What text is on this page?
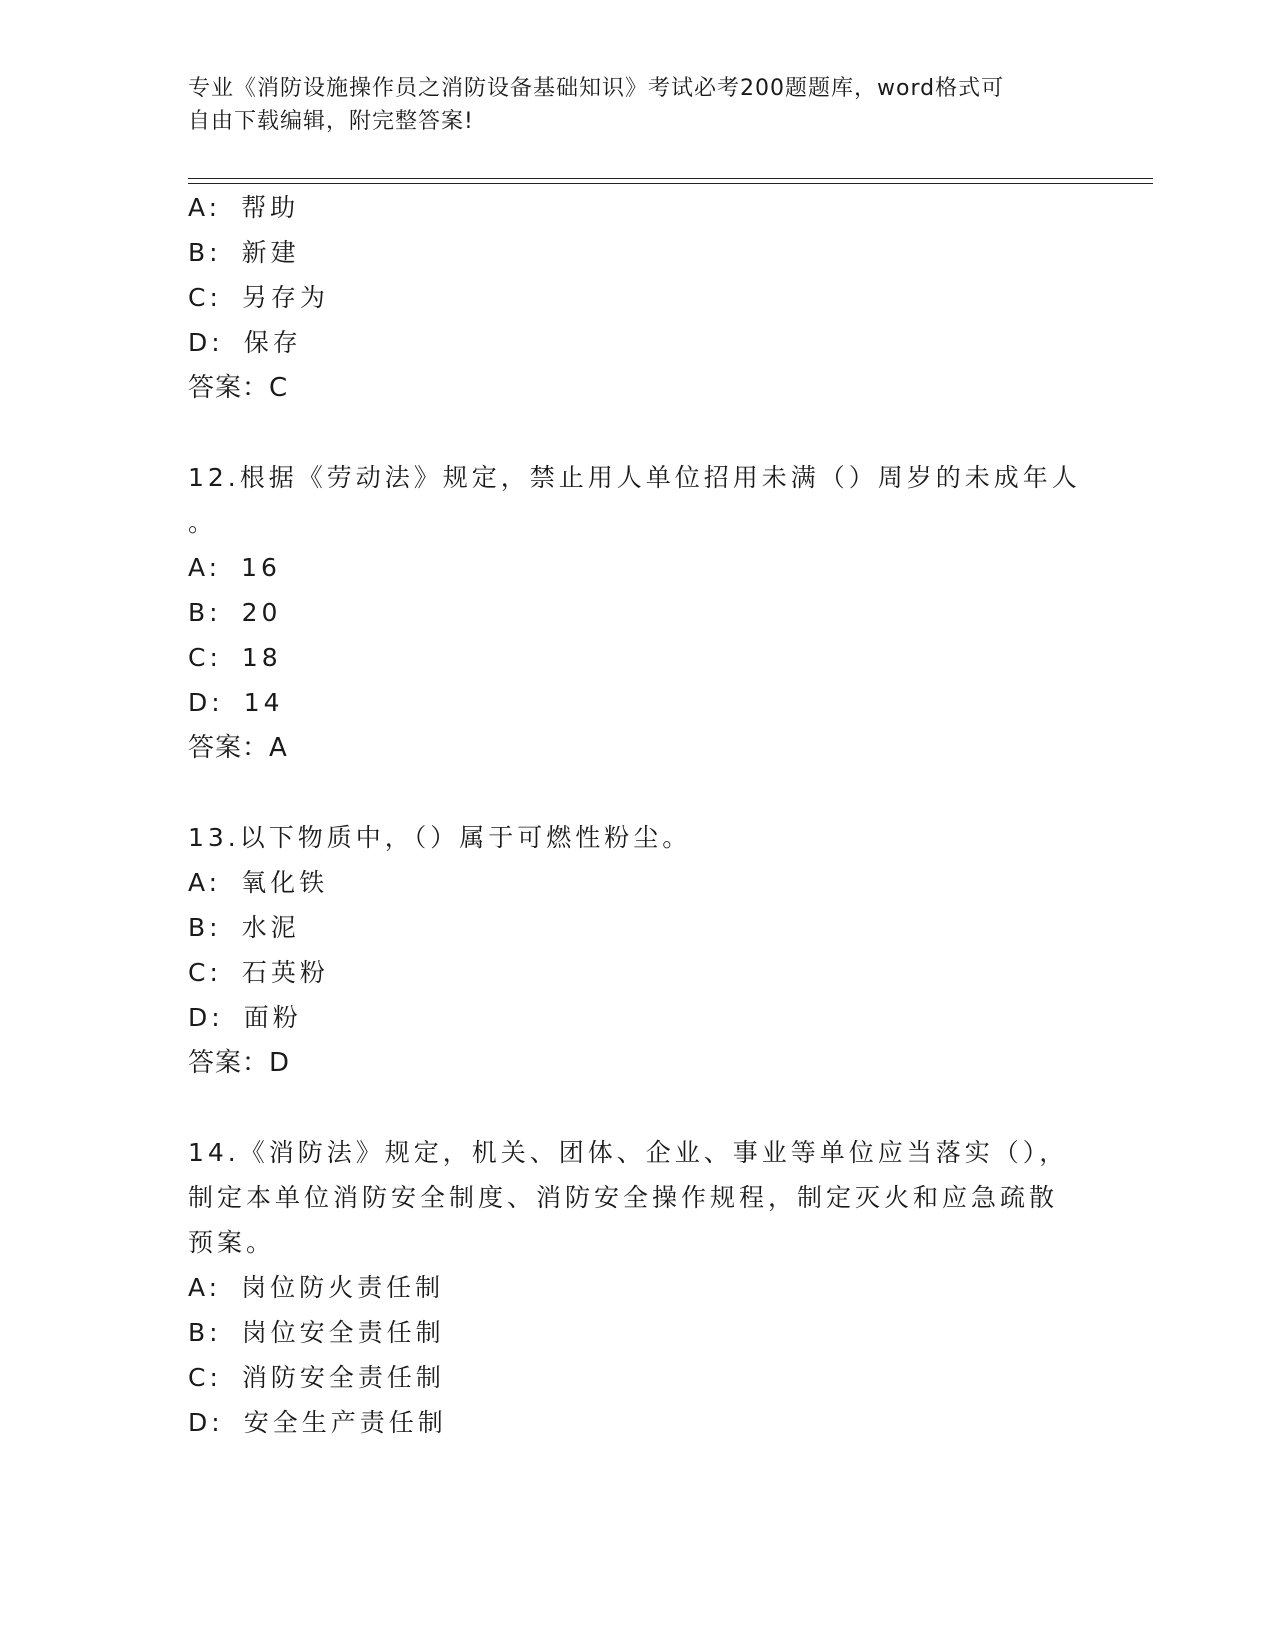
专业《消防设施操作员之消防设备基础知识》考试必考200题题库，word格式可
自由下载编辑，附完整答案!
A: 帮助
B: 新建
C: 另存为
D: 保存
答案：C
12.根据《劳动法》规定，禁止用人单位招用未满（）周岁的未成年人
。
A: 16
B: 20
C: 18
D: 14
答案：A
13.以下物质中，（）属于可燃性粉尘。
A: 氧化铁
B: 水泥
C: 石英粉
D: 面粉
答案：D
14.《消防法》规定，机关、团体、企业、事业等单位应当落实（），
制定本单位消防安全制度、消防安全操作规程，制定灭火和应急疏散
预案。
A: 岗位防火责任制
B: 岗位安全责任制
C: 消防安全责任制
D: 安全生产责任制
